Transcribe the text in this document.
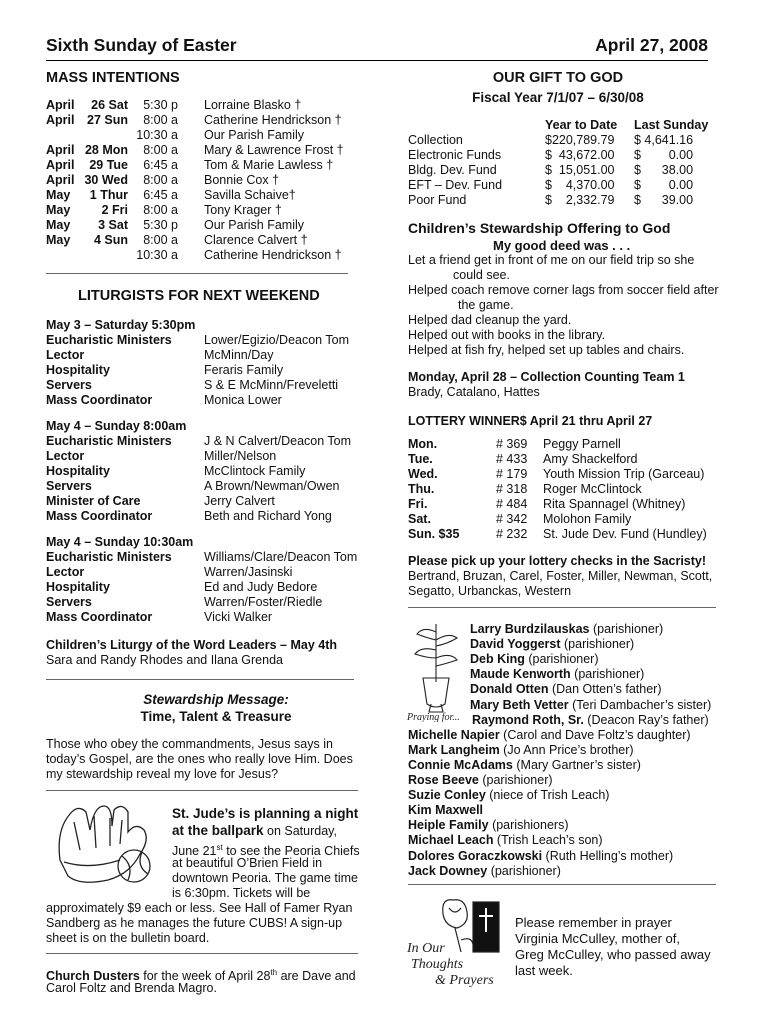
Sixth Sunday of Easter	April 27, 2008
MASS INTENTIONS
April	26 Sat	5:30 p Lorraine Blasko †
April	27 Sun	8:00 a Catherine Hendrickson †
10:30 a Our Parish Family
April 28 Mon	8:00 a Mary & Lawrence Frost †
April	29 Tue	6:45 a Tom & Marie Lawless †
April 30 Wed	8:00 a Bonnie Cox †
May	1 Thur	6:45 a Savilla Schaive†
May	2 Fri	8:00 a Tony Krager †
May	3 Sat	5:30 p Our Parish Family
May	4 Sun	8:00 a Clarence Calvert †
10:30 a Catherine Hendrickson †
LITURGISTS FOR NEXT WEEKEND
May 3 – Saturday 5:30pm
Eucharistic Ministers	Lower/Egizio/Deacon Tom
Lector	McMinn/Day
Hospitality	Feraris Family
Servers	S & E McMinn/Freveletti
Mass Coordinator	Monica Lower
May 4 – Sunday 8:00am
Eucharistic Ministers	J & N Calvert/Deacon Tom
Lector	Miller/Nelson
Hospitality	McClintock Family
Servers	A Brown/Newman/Owen
Minister of Care	Jerry Calvert
Mass Coordinator	Beth and Richard Yong
May 4 – Sunday 10:30am
Eucharistic Ministers	Williams/Clare/Deacon Tom
Lector	Warren/Jasinski
Hospitality	Ed and Judy Bedore
Servers	Warren/Foster/Riedle
Mass Coordinator	Vicki Walker
Children’s Liturgy of the Word Leaders – May 4th
Sara and Randy Rhodes and Ilana Grenda
Stewardship Message:
Time, Talent & Treasure
Those who obey the commandments, Jesus says in today’s Gospel, are the ones who really love Him. Does my stewardship reveal my love for Jesus?
St. Jude’s is planning a night
at the ballpark on Saturday,
June 21st to see the Peoria Chiefs
at beautiful O’Brien Field in
downtown Peoria. The game time
is 6:30pm. Tickets will be
approximately $9 each or less. See Hall of Famer Ryan
Sandberg as he manages the future CUBS! A sign-up
sheet is on the bulletin board.
Church Dusters for the week of April 28th are Dave and
Carol Foltz and Brenda Magro.
OUR GIFT TO GOD
Fiscal Year 7/1/07 – 6/30/08
Year to Date Last Sunday
Collection	$220,789.79 $ 4,641.16
Electronic Funds	$  43,672.00 $        0.00
Bldg. Dev. Fund	$  15,051.00 $      38.00
EFT – Dev. Fund	$    4,370.00 $        0.00
Poor Fund	$    2,332.79 $      39.00
Children’s Stewardship Offering to God
My good deed was . . .
Let a friend get in front of me on our field trip so she
could see.
Helped coach remove corner lags from soccer field after
the game.
Helped dad cleanup the yard.
Helped out with books in the library.
Helped at fish fry, helped set up tables and chairs.
Monday, April 28 – Collection Counting Team 1
Brady, Catalano, Hattes
LOTTERY WINNER$ April 21 thru April 27
Mon.	# 369 Peggy Parnell
Tue.	# 433 Amy Shackelford
Wed.	# 179 Youth Mission Trip (Garceau)
Thu.	# 318 Roger McClintock
Fri.	# 484 Rita Spannagel (Whitney)
Sat.	# 342 Molohon Family
Sun. $35	# 232 St. Jude Dev. Fund (Hundley)
Please pick up your lottery checks in the Sacristy!
Bertrand, Bruzan, Carel, Foster, Miller, Newman, Scott,
Segatto, Urbanckas, Western
Praying for...
Larry Burdzilauskas (parishioner)
David Yoggerst (parishioner)
Deb King (parishioner)
Maude Kenworth (parishioner)
Donald Otten (Dan Otten’s father)
Mary Beth Vetter (Teri Dambacher’s sister)
Raymond Roth, Sr. (Deacon Ray’s father)
Michelle Napier (Carol and Dave Foltz’s daughter)
Mark Langheim (Jo Ann Price’s brother)
Connie McAdams (Mary Gartner’s sister)
Rose Beeve (parishioner)
Suzie Conley (niece of Trish Leach)
Kim Maxwell
Heiple Family (parishioners)
Michael Leach (Trish Leach’s son)
Dolores Goraczkowski (Ruth Helling’s mother)
Jack Downey (parishioner)
In Our
Thoughts
& Prayers
Please remember in prayer
Virginia McCulley, mother of,
Greg McCulley, who passed away
last week.
